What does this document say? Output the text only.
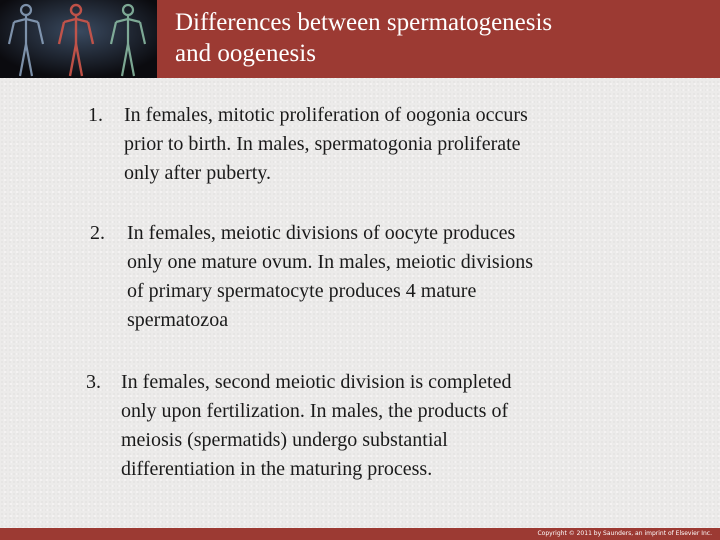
Differences between spermatogenesis
and oogenesis
1. In females, mitotic proliferation of oogonia occurs
prior to birth. In males, spermatogonia proliferate
only after puberty.
2. In females, meiotic divisions of oocyte produces
only one mature ovum. In males, meiotic divisions
of primary spermatocyte produces 4 mature
spermatozoa
3. In females, second meiotic division is completed
only upon fertilization. In males, the products of
meiosis (spermatids) undergo substantial
differentiation in the maturing process.
Copyright © 2011 by Saunders, an imprint of Elsevier Inc.
